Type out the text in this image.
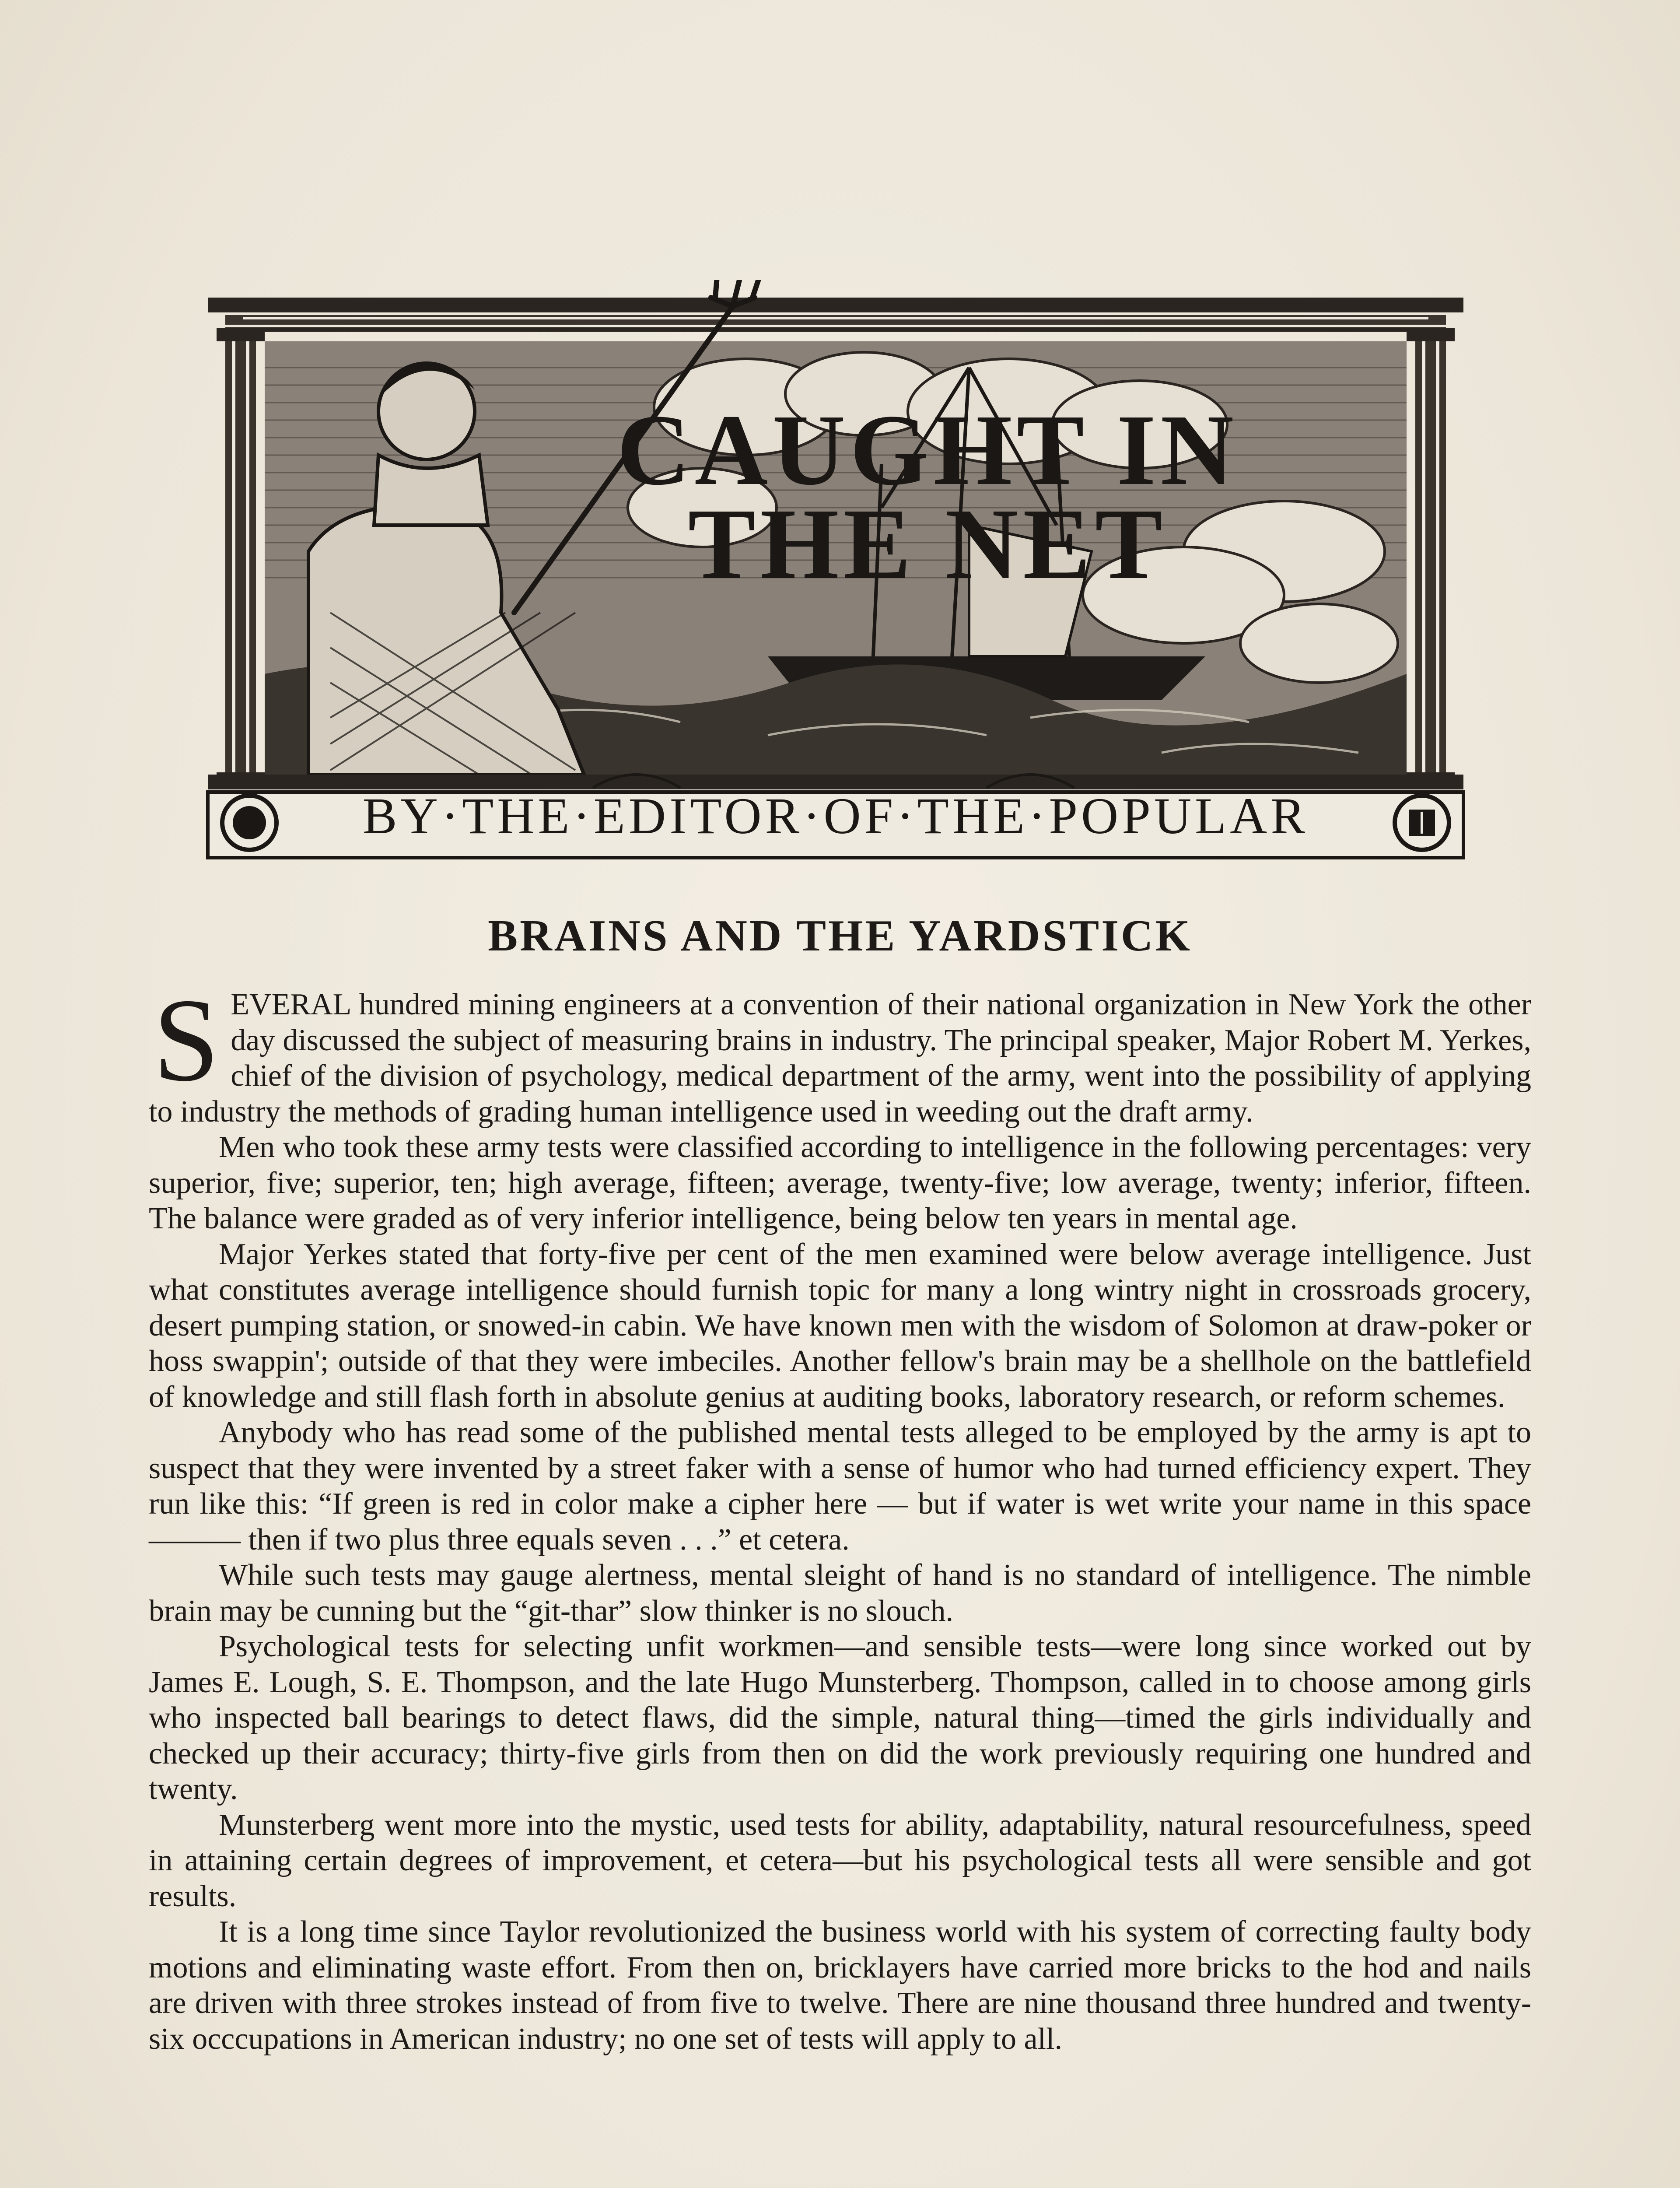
CAUGHT IN
THE NET
BY·THE·EDITOR·OF·THE·POPULAR
BRAINS AND THE YARDSTICK

SEVERAL hundred mining engineers at a convention of their national organization in New York the other day discussed the subject of measuring brains in industry. The principal speaker, Major Robert M. Yerkes, chief of the division of psychology, medical department of the army, went into the possibility of applying to industry the methods of grading human intelligence used in weeding out the draft army.

Men who took these army tests were classified according to intelligence in the following percentages: very superior, five; superior, ten; high average, fifteen; average, twenty-five; low average, twenty; inferior, fifteen. The balance were graded as of very inferior intelligence, being below ten years in mental age.

Major Yerkes stated that forty-five per cent of the men examined were below average intelligence. Just what constitutes average intelligence should furnish topic for many a long wintry night in crossroads grocery, desert pumping station, or snowed-in cabin. We have known men with the wisdom of Solomon at draw-poker or hoss swappin'; outside of that they were imbeciles. Another fellow's brain may be a shellhole on the battlefield of knowledge and still flash forth in absolute genius at auditing books, laboratory research, or reform schemes.

Anybody who has read some of the published mental tests alleged to be employed by the army is apt to suspect that they were invented by a street faker with a sense of humor who had turned efficiency expert. They run like this: “If green is red in color make a cipher here — but if water is wet write your name in this space ——— then if two plus three equals seven . . .” et cetera.

While such tests may gauge alertness, mental sleight of hand is no standard of intelligence. The nimble brain may be cunning but the “git-thar” slow thinker is no slouch.

Psychological tests for selecting unfit workmen—and sensible tests—were long since worked out by James E. Lough, S. E. Thompson, and the late Hugo Munsterberg. Thompson, called in to choose among girls who inspected ball bearings to detect flaws, did the simple, natural thing—timed the girls individually and checked up their accuracy; thirty-five girls from then on did the work previously requiring one hundred and twenty.

Munsterberg went more into the mystic, used tests for ability, adaptability, natural resourcefulness, speed in attaining certain degrees of improvement, et cetera—but his psychological tests all were sensible and got results.

It is a long time since Taylor revolutionized the business world with his system of correcting faulty body motions and eliminating waste effort. From then on, bricklayers have carried more bricks to the hod and nails are driven with three strokes instead of from five to twelve. There are nine thousand three hundred and twenty-six occcupations in American industry; no one set of tests will apply to all.
